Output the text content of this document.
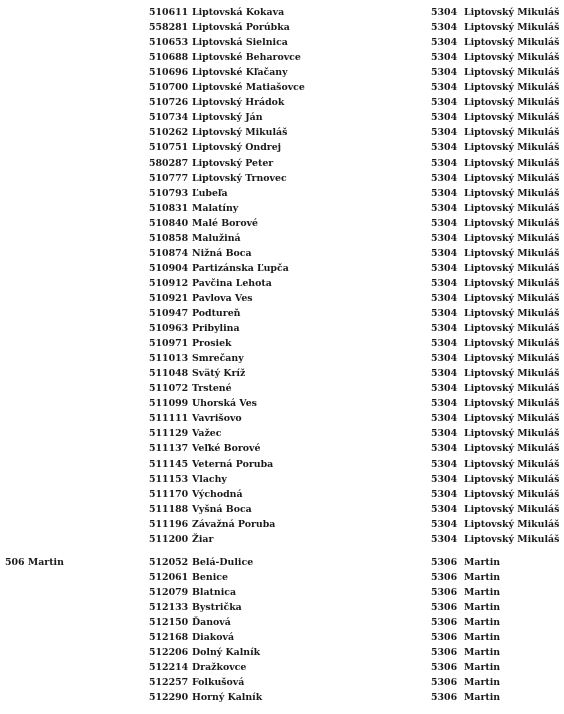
510611 Liptovská Kokava	5304 Liptovský Mikuláš
558281 Liptovská Porúbka	5304 Liptovský Mikuláš
510653 Liptovská Sielnica	5304 Liptovský Mikuláš
510688 Liptovské Beharovce	5304 Liptovský Mikuláš
510696 Liptovské Kľačany	5304 Liptovský Mikuláš
510700 Liptovské Matiašovce	5304 Liptovský Mikuláš
510726 Liptovský Hrádok	5304 Liptovský Mikuláš
510734 Liptovský Ján	5304 Liptovský Mikuláš
510262 Liptovský Mikuláš	5304 Liptovský Mikuláš
510751 Liptovský Ondrej	5304 Liptovský Mikuláš
580287 Liptovský Peter	5304 Liptovský Mikuláš
510777 Liptovský Trnovec	5304 Liptovský Mikuláš
510793 Ľubeľa	5304 Liptovský Mikuláš
510831 Malatíny	5304 Liptovský Mikuláš
510840 Malé Borové	5304 Liptovský Mikuláš
510858 Malužiná	5304 Liptovský Mikuláš
510874 Nižná Boca	5304 Liptovský Mikuláš
510904 Partizánska Ľupča	5304 Liptovský Mikuláš
510912 Pavčina Lehota	5304 Liptovský Mikuláš
510921 Pavlova Ves	5304 Liptovský Mikuláš
510947 Podtureň	5304 Liptovský Mikuláš
510963 Pribylina	5304 Liptovský Mikuláš
510971 Prosiek	5304 Liptovský Mikuláš
511013 Smrečany	5304 Liptovský Mikuláš
511048 Svätý Kríž	5304 Liptovský Mikuláš
511072 Trstené	5304 Liptovský Mikuláš
511099 Uhorská Ves	5304 Liptovský Mikuláš
511111 Vavrišovo	5304 Liptovský Mikuláš
511129 Važec	5304 Liptovský Mikuláš
511137 Veľké Borové	5304 Liptovský Mikuláš
511145 Veterná Poruba	5304 Liptovský Mikuláš
511153 Vlachy	5304 Liptovský Mikuláš
511170 Východná	5304 Liptovský Mikuláš
511188 Vyšná Boca	5304 Liptovský Mikuláš
511196 Závažná Poruba	5304 Liptovský Mikuláš
511200 Žiar	5304 Liptovský Mikuláš
506 Martin	512052 Belá-Dulice	5306 Martin
512061 Benice	5306 Martin
512079 Blatnica	5306 Martin
512133 Bystrička	5306 Martin
512150 Ďanová	5306 Martin
512168 Diaková	5306 Martin
512206 Dolný Kalník	5306 Martin
512214 Dražkovce	5306 Martin
512257 Folkušová	5306 Martin
512290 Horný Kalník	5306 Martin
